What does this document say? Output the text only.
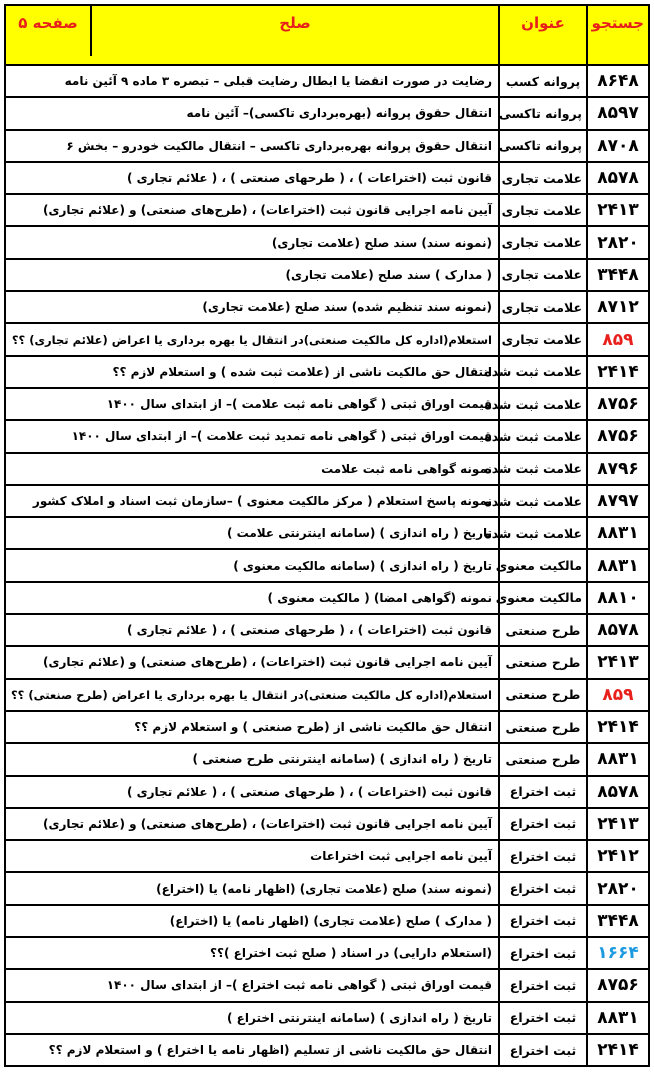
جستجو	عنوان	صلح
صفحه ۵

۸۶۴۸	پروانه کسب	رضایت در صورت انقضا یا ابطال رضایت قبلی – تبصره ۳ ماده ۹ آئین نامه
۸۵۹۷	پروانه تاکسی	انتقال حقوق پروانه (بهره‌برداری تاکسی)– آئین نامه
۸۷۰۸	پروانه تاکسی	انتقال حقوق پروانه بهره‌برداری تاکسی – انتقال مالکیت خودرو – بخش ۶
۸۵۷۸	علامت تجاری	قانون ثبت (اختراعات ) ، ( طرحهای صنعتی ) ، ( علائم تجاری )
۲۴۱۳	علامت تجاری	آیین نامه اجرایی قانون ثبت (اختراعات) ، (طرح‌های صنعتی) و (علائم تجاری)
۲۸۲۰	علامت تجاری	(نمونه سند) سند صلح (علامت تجاری)
۳۴۴۸	علامت تجاری	( مدارک ) سند صلح (علامت تجاری)
۸۷۱۲	علامت تجاری	(نمونه سند تنظیم شده) سند صلح (علامت تجاری)
۸۵۹	علامت تجاری	استعلام(اداره کل مالکیت صنعتی)در انتقال یا بهره برداری یا اعراض (علائم تجاری) ؟؟
۲۴۱۴	علامت ثبت شده	انتقال حق مالکیت ناشی از (علامت ثبت شده ) و استعلام لازم ؟؟
۸۷۵۶	علامت ثبت شده	قیمت اوراق ثبتی ( گواهی نامه ثبت علامت )– از ابتدای سال ۱۴۰۰
۸۷۵۶	علامت ثبت شده	قیمت اوراق ثبتی ( گواهی نامه تمدید ثبت علامت )– از ابتدای سال ۱۴۰۰
۸۷۹۶	علامت ثبت شده	نمونه گواهی نامه ثبت علامت
۸۷۹۷	علامت ثبت شده	نمونه پاسخ استعلام ( مرکز مالکیت معنوی ) –سازمان ثبت اسناد و املاک کشور
۸۸۳۱	علامت ثبت شده	تاریخ ( راه اندازی ) (سامانه اینترنتی علامت )
۸۸۳۱	مالکیت معنوی	تاریخ ( راه اندازی ) (سامانه مالکیت معنوی )
۸۸۱۰	مالکیت معنوی	نمونه (گواهی امضا) ( مالکیت معنوی )
۸۵۷۸	طرح صنعتی	قانون ثبت (اختراعات ) ، ( طرحهای صنعتی ) ، ( علائم تجاری )
۲۴۱۳	طرح صنعتی	آیین نامه اجرایی قانون ثبت (اختراعات) ، (طرح‌های صنعتی) و (علائم تجاری)
۸۵۹	طرح صنعتی	استعلام(اداره کل مالکیت صنعتی)در انتقال یا بهره برداری یا اعراض (طرح صنعتی) ؟؟
۲۴۱۴	طرح صنعتی	انتقال حق مالکیت ناشی از (طرح صنعتی ) و استعلام لازم ؟؟
۸۸۳۱	طرح صنعتی	تاریخ ( راه اندازی ) (سامانه اینترنتی طرح صنعتی )
۸۵۷۸	ثبت اختراع	قانون ثبت (اختراعات ) ، ( طرحهای صنعتی ) ، ( علائم تجاری )
۲۴۱۳	ثبت اختراع	آیین نامه اجرایی قانون ثبت (اختراعات) ، (طرح‌های صنعتی) و (علائم تجاری)
۲۴۱۲	ثبت اختراع	آیین نامه اجرایی ثبت اختراعات
۲۸۲۰	ثبت اختراع	(نمونه سند) صلح (علامت تجاری) (اظهار نامه) یا (اختراع)
۳۴۴۸	ثبت اختراع	( مدارک ) صلح (علامت تجاری) (اظهار نامه) یا (اختراع)
۱۶۶۴	ثبت اختراع	(استعلام دارایی) در اسناد ( صلح ثبت اختراع )؟؟
۸۷۵۶	ثبت اختراع	قیمت اوراق ثبتی ( گواهی نامه ثبت اختراع )– از ابتدای سال ۱۴۰۰
۸۸۳۱	ثبت اختراع	تاریخ ( راه اندازی ) (سامانه اینترنتی اختراع )
۲۴۱۴	ثبت اختراع	انتقال حق مالکیت ناشی از تسلیم (اظهار نامه یا اختراع ) و استعلام لازم ؟؟
